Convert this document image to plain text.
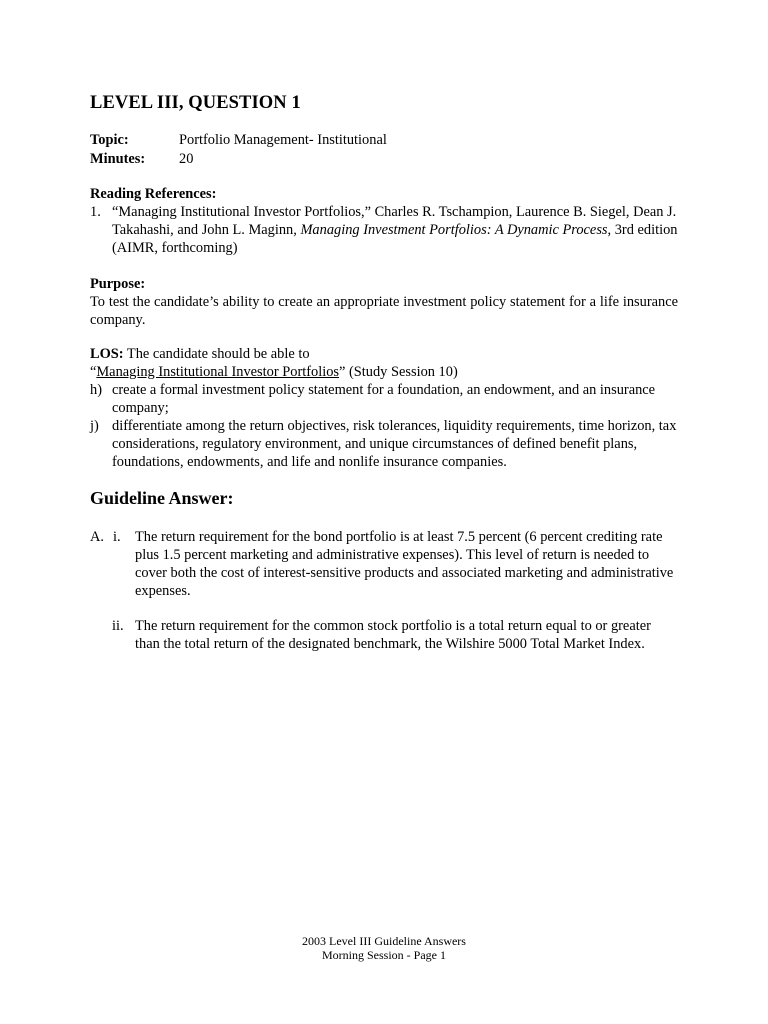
LEVEL III, QUESTION 1
Topic:	Portfolio Management- Institutional
Minutes: 20
Reading References:
1. “Managing Institutional Investor Portfolios,” Charles R. Tschampion, Laurence B. Siegel, Dean J. Takahashi, and John L. Maginn, Managing Investment Portfolios: A Dynamic Process, 3rd edition (AIMR, forthcoming)
Purpose:
To test the candidate’s ability to create an appropriate investment policy statement for a life insurance company.
LOS: The candidate should be able to
“Managing Institutional Investor Portfolios” (Study Session 10)
h) create a formal investment policy statement for a foundation, an endowment, and an insurance company;
j) differentiate among the return objectives, risk tolerances, liquidity requirements, time horizon, tax considerations, regulatory environment, and unique circumstances of defined benefit plans, foundations, endowments, and life and nonlife insurance companies.
Guideline Answer:
A. i. The return requirement for the bond portfolio is at least 7.5 percent (6 percent crediting rate plus 1.5 percent marketing and administrative expenses). This level of return is needed to cover both the cost of interest-sensitive products and associated marketing and administrative expenses.
ii. The return requirement for the common stock portfolio is a total return equal to or greater than the total return of the designated benchmark, the Wilshire 5000 Total Market Index.
2003 Level III Guideline Answers
Morning Session - Page 1
